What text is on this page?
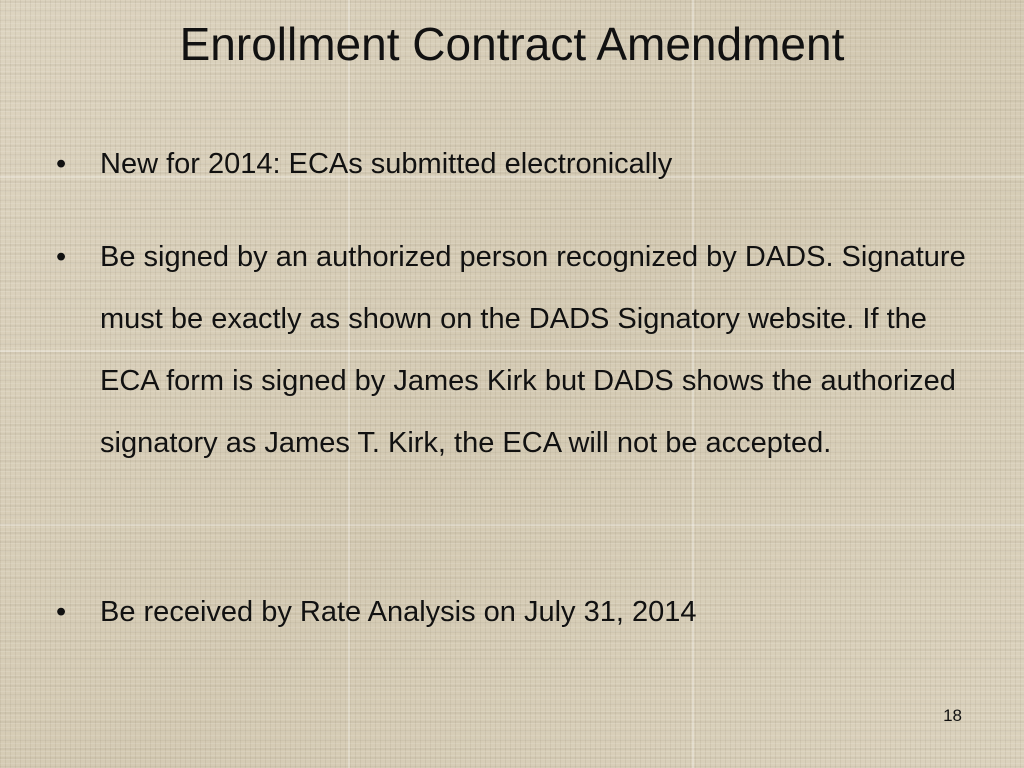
Enrollment Contract Amendment
•	New for 2014: ECAs submitted electronically
•	Be signed by an authorized person recognized by DADS. Signature must be exactly as shown on the DADS Signatory website. If the ECA form is signed by James Kirk but DADS shows the authorized signatory as James T. Kirk, the ECA will not be accepted.
•	Be received by Rate Analysis on July 31, 2014
18
